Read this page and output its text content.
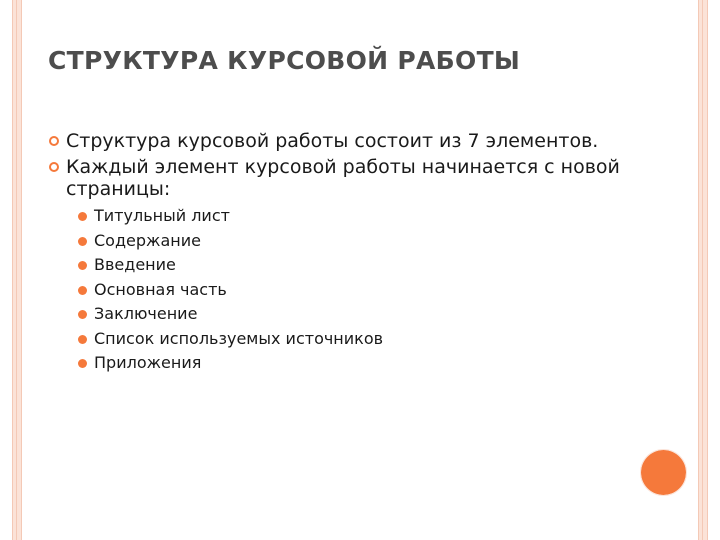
СТРУКТУРА КУРСОВОЙ РАБОТЫ
Структура курсовой работы состоит из 7 элементов.
Каждый элемент курсовой работы начинается с новой страницы:
Титульный лист
Содержание
Введение
Основная часть
Заключение
Список используемых источников
Приложения
